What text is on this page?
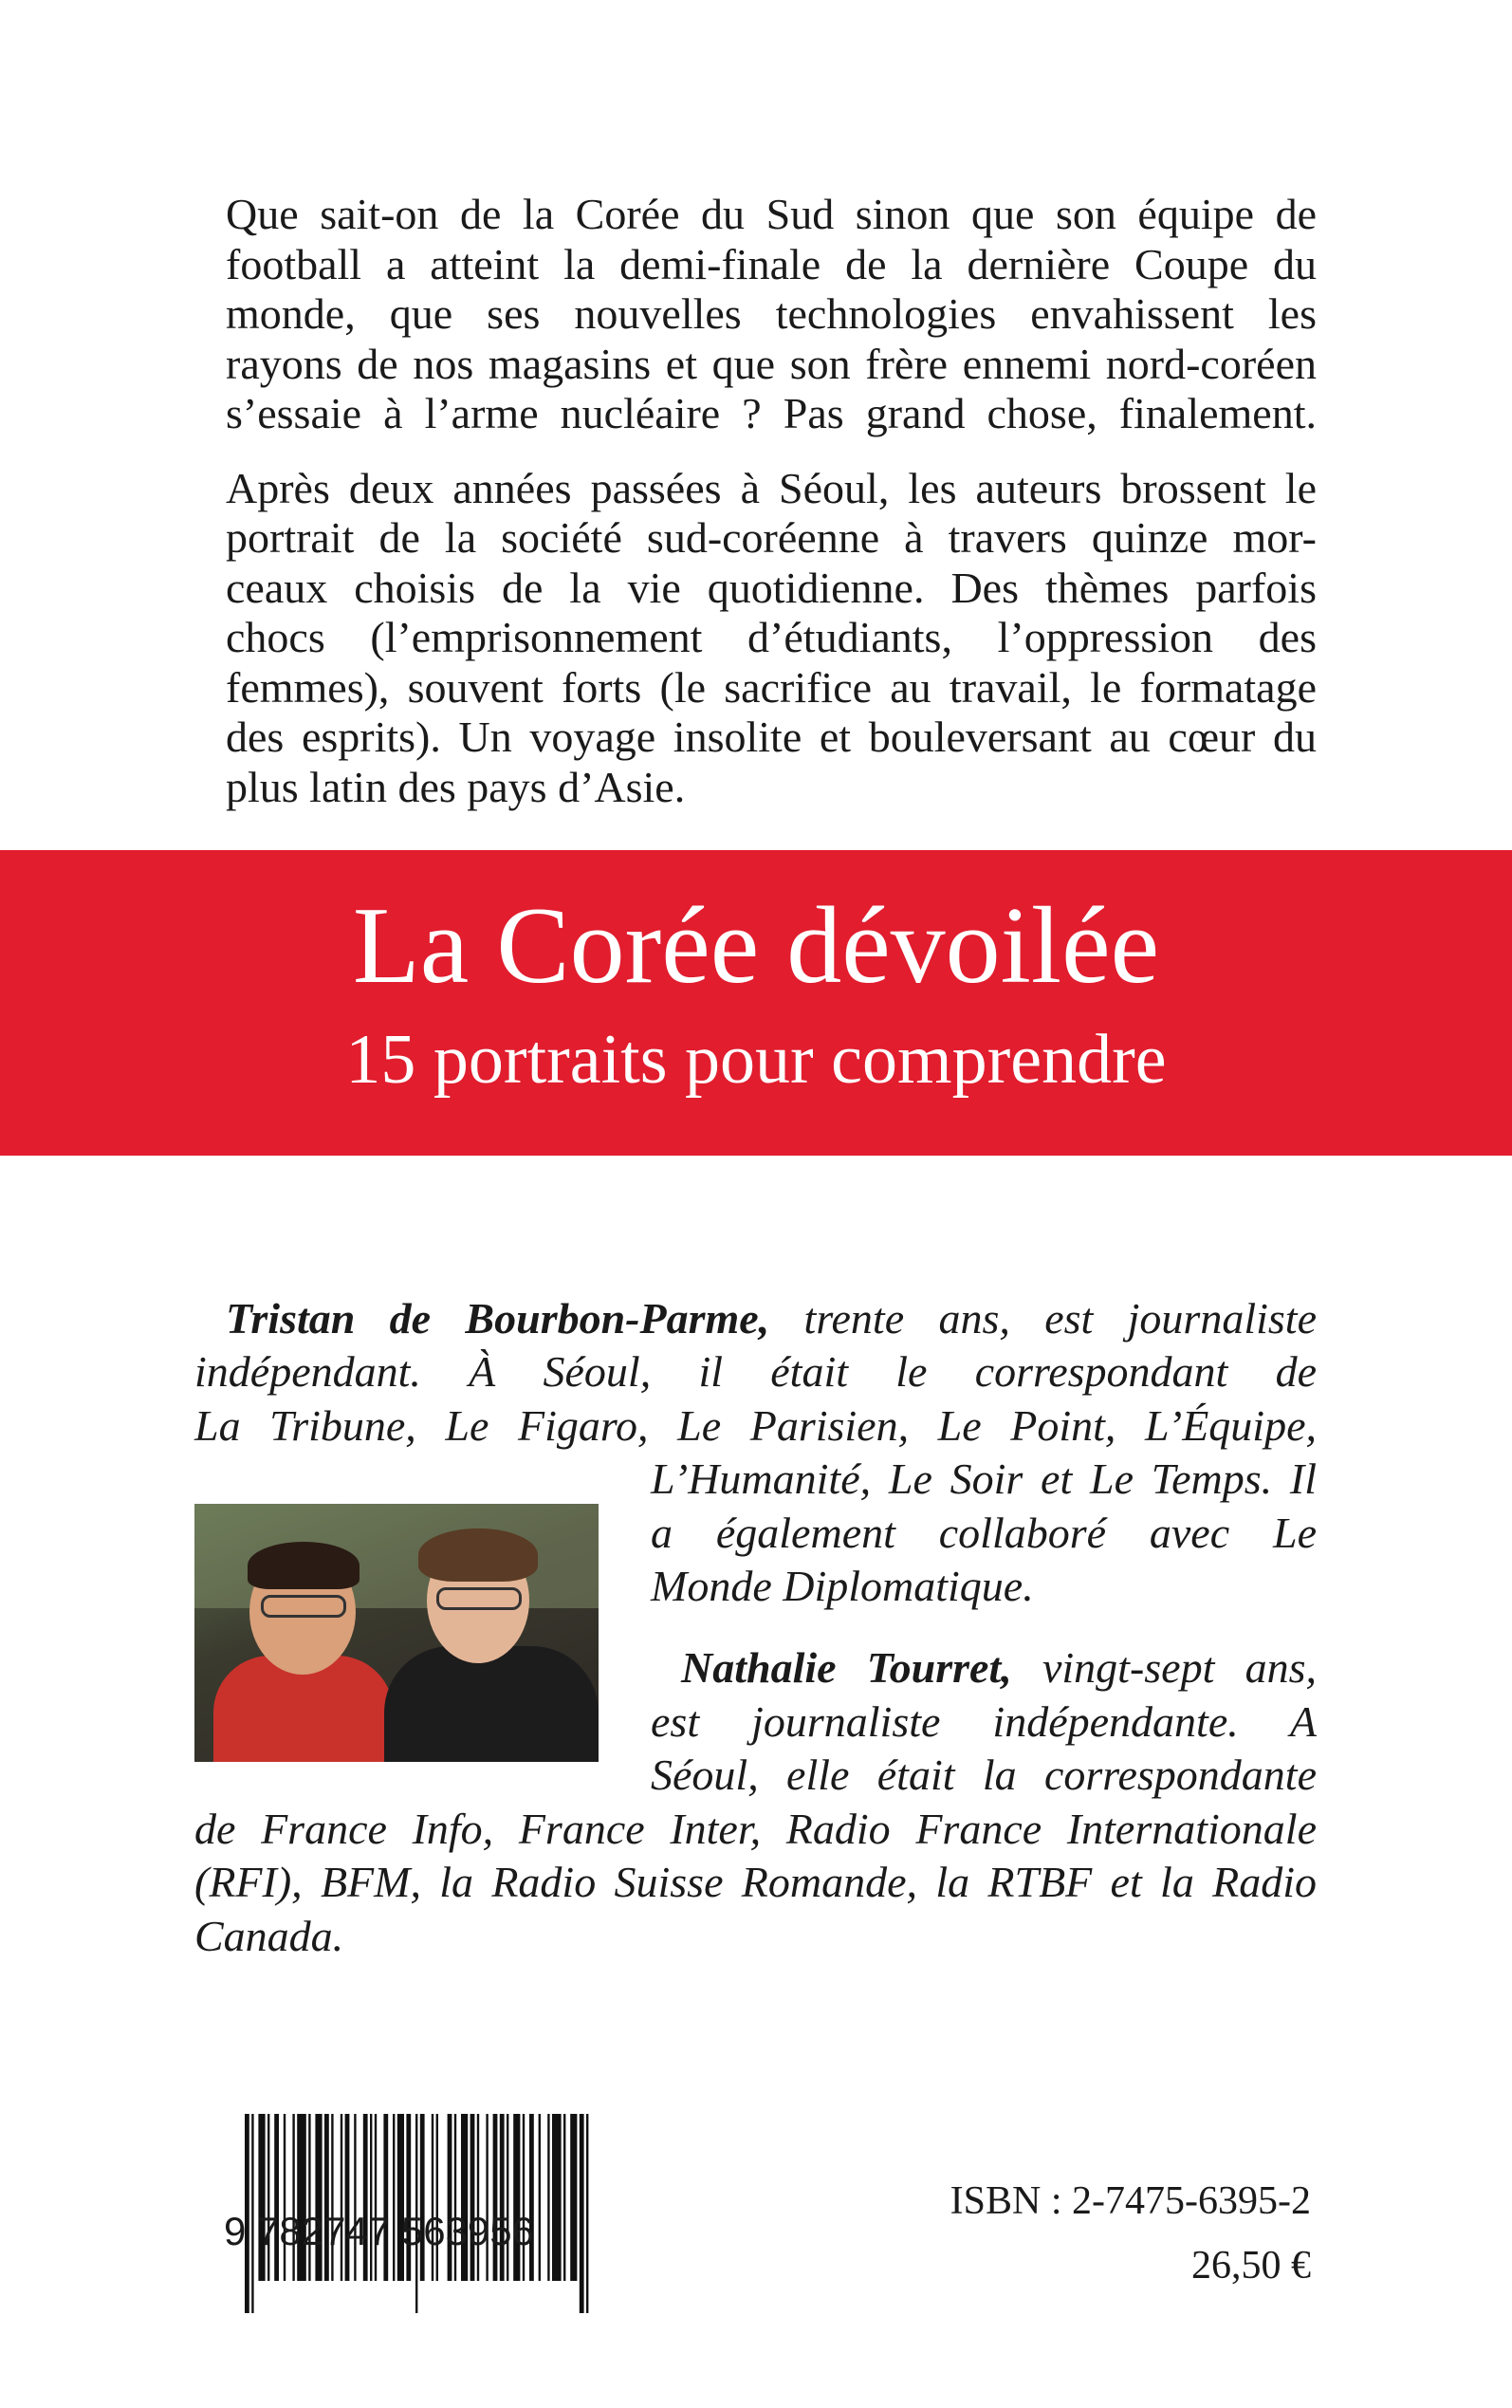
Que sait-on de la Corée du Sud sinon que son équipe de
football a atteint la demi-finale de la dernière Coupe du
monde, que ses nouvelles technologies envahissent les
rayons de nos magasins et que son frère ennemi nord-coréen
s’essaie à l’arme nucléaire ? Pas grand chose, finalement.

Après deux années passées à Séoul, les auteurs brossent le
portrait de la société sud-coréenne à travers quinze mor-
ceaux choisis de la vie quotidienne. Des thèmes parfois
chocs (l’emprisonnement d’étudiants, l’oppression des
femmes), souvent forts (le sacrifice au travail, le formatage
des esprits). Un voyage insolite et bouleversant au cœur du
plus latin des pays d’Asie.

La Corée dévoilée
15 portraits pour comprendre
Tristan de Bourbon-Parme, trente ans, est journaliste
indépendant. À Séoul, il était le correspondant de
La Tribune, Le Figaro, Le Parisien, Le Point, L’Équipe,
L’Humanité, Le Soir et Le Temps. Il
a également collaboré avec Le
Monde Diplomatique.
Nathalie Tourret, vingt-sept ans,
est journaliste indépendante. A
Séoul, elle était la correspondante
de France Info, France Inter, Radio France Internationale
(RFI), BFM, la Radio Suisse Romande, la RTBF et la Radio
Canada.
9 782747 563956
ISBN : 2-7475-6395-2
26,50 €
